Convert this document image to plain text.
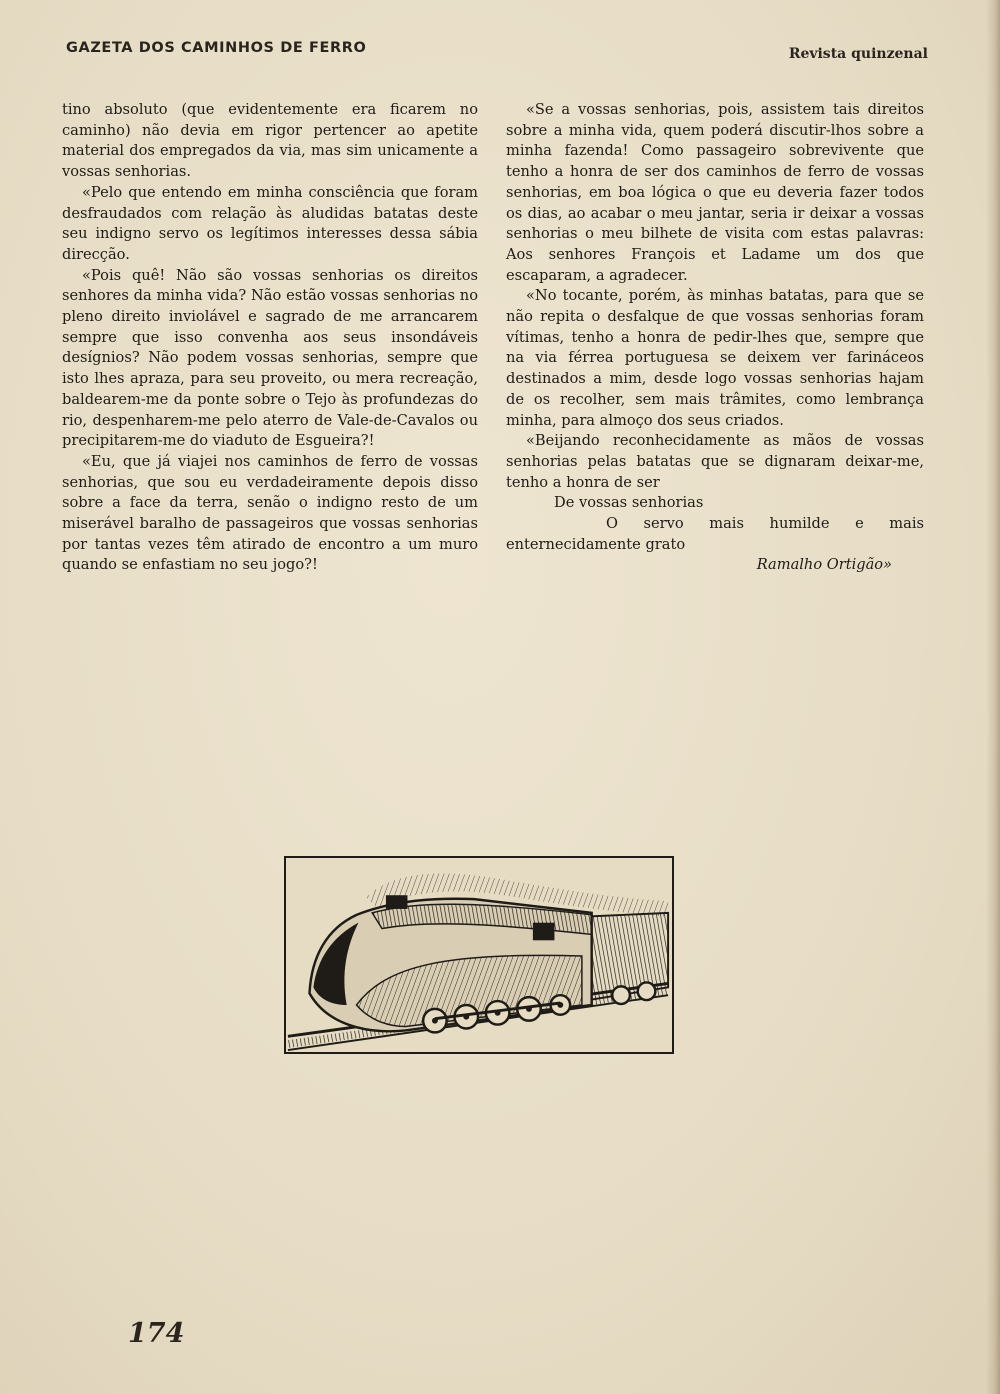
GAZETA DOS CAMINHOS DE FERRO	Revista quinzenal

tino absoluto (que evidentemente era ficarem no caminho) não devia em rigor pertencer ao apetite material dos empregados da via, mas sim unicamente a vossas senhorias.

«Pelo que entendo em minha consciência que foram desfraudados com relação às aludidas batatas deste seu indigno servo os legítimos interesses dessa sábia direcção.

«Pois quê! Não são vossas senhorias os direitos senhores da minha vida? Não estão vossas senhorias no pleno direito inviolável e sagrado de me arrancarem sempre que isso convenha aos seus insondáveis desígnios? Não podem vossas senhorias, sempre que isto lhes apraza, para seu proveito, ou mera recreação, baldearem-me da ponte sobre o Tejo às profundezas do rio, despenharem-me pelo aterro de Vale-de-Cavalos ou precipitarem-me do viaduto de Esgueira?!

«Eu, que já viajei nos caminhos de ferro de vossas senhorias, que sou eu verdadeiramente depois disso sobre a face da terra, senão o indigno resto de um miserável baralho de passageiros que vossas senhorias por tantas vezes têm atirado de encontro a um muro quando se enfastiam no seu jogo?!

«Se a vossas senhorias, pois, assistem tais direitos sobre a minha vida, quem poderá discutir-lhos sobre a minha fazenda! Como passageiro sobrevivente que tenho a honra de ser dos caminhos de ferro de vossas senhorias, em boa lógica o que eu deveria fazer todos os dias, ao acabar o meu jantar, seria ir deixar a vossas senhorias o meu bilhete de visita com estas palavras: Aos senhores François et Ladame um dos que escaparam, a agradecer.

«No tocante, porém, às minhas batatas, para que se não repita o desfalque de que vossas senhorias foram vítimas, tenho a honra de pedir-lhes que, sempre que na via férrea portuguesa se deixem ver farináceos destinados a mim, desde logo vossas senhorias hajam de os recolher, sem mais trâmites, como lembrança minha, para almoço dos seus criados.

«Beijando reconhecidamente as mãos de vossas senhorias pelas batatas que se dignaram deixar-me, tenho a honra de ser

De vossas senhorias

O servo mais humilde e mais enternecidamente grato

Ramalho Ortigão»

174
